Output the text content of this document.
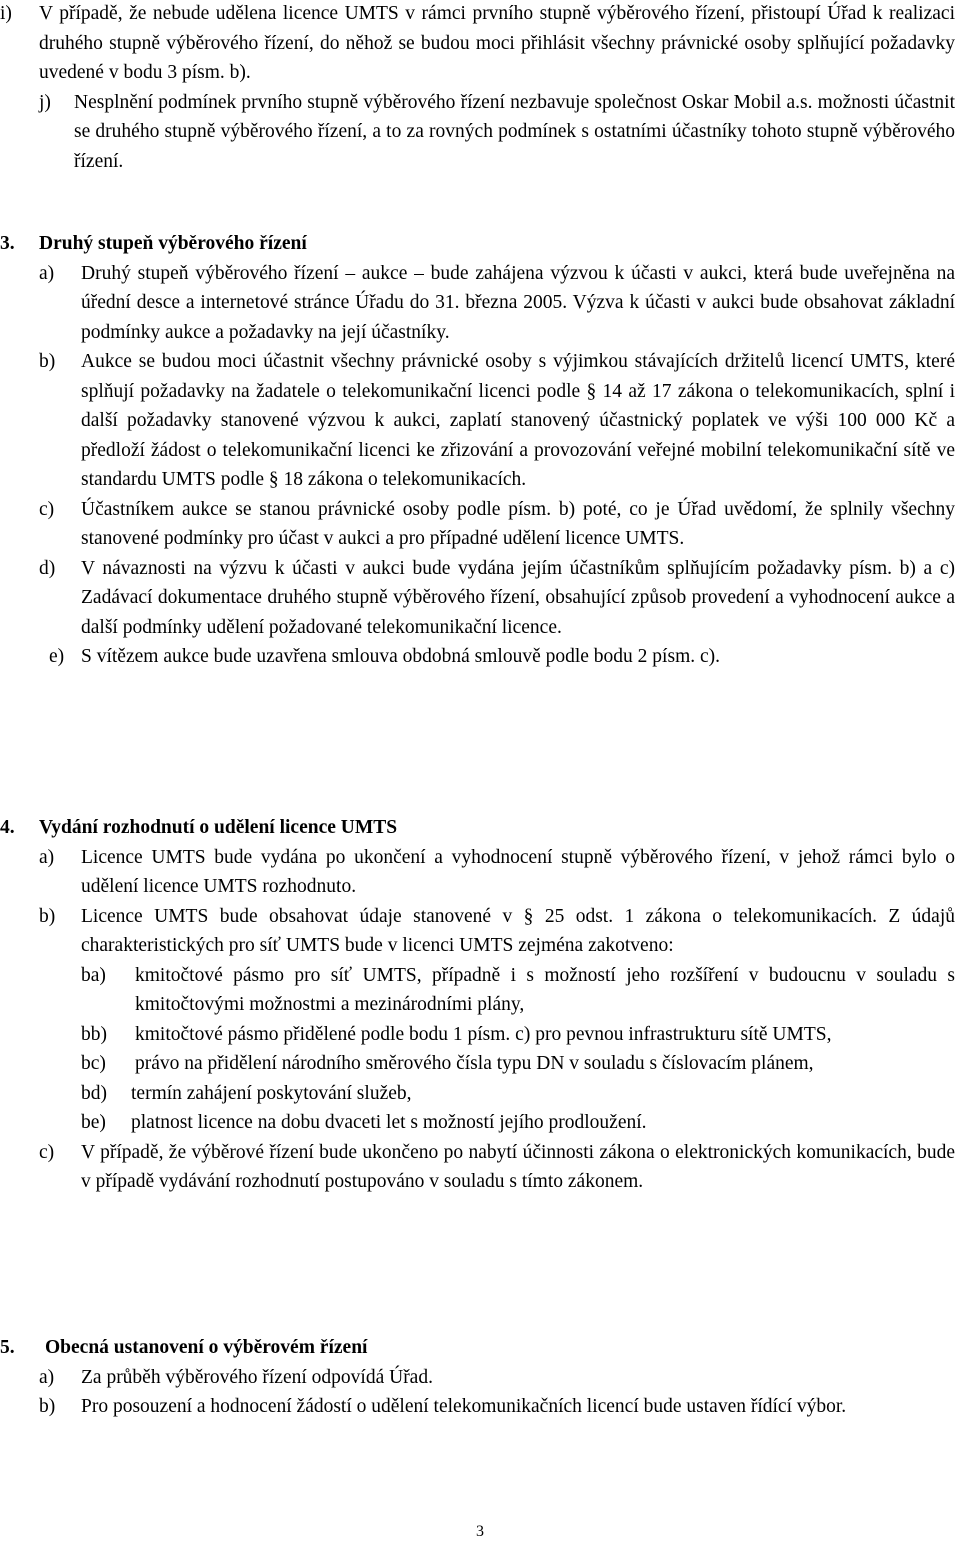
i)	V případě, že nebude udělena licence UMTS v rámci prvního stupně výběrového řízení, přistoupí Úřad k realizaci druhého stupně výběrového řízení, do něhož se budou moci přihlásit všechny právnické osoby splňující požadavky uvedené v bodu 3 písm. b).
j)	Nesplnění podmínek prvního stupně výběrového řízení nezbavuje společnost Oskar Mobil a.s. možnosti účastnit se druhého stupně výběrového řízení, a to za rovných podmínek s ostatními účastníky tohoto stupně výběrového řízení.
3.	Druhý stupeň výběrového řízení
a)	Druhý stupeň výběrového řízení – aukce – bude zahájena výzvou k účasti v aukci, která bude uveřejněna na úřední desce a internetové stránce Úřadu do 31. března 2005. Výzva k účasti v aukci bude obsahovat základní podmínky aukce a požadavky na její účastníky.
b)	Aukce se budou moci účastnit všechny právnické osoby s výjimkou stávajících držitelů licencí UMTS, které splňují požadavky na žadatele o telekomunikační licenci podle § 14 až 17 zákona o telekomunikacích, splní i další požadavky stanovené výzvou k aukci, zaplatí stanovený účastnický poplatek ve výši 100 000 Kč a předloží žádost o telekomunikační licenci ke zřizování a provozování veřejné mobilní telekomunikační sítě ve standardu UMTS podle § 18 zákona o telekomunikacích.
c)	Účastníkem aukce se stanou právnické osoby podle písm. b) poté, co je Úřad uvědomí, že splnily všechny stanovené podmínky pro účast v aukci a pro případné udělení licence UMTS.
d)	V návaznosti na výzvu k účasti v aukci bude vydána jejím účastníkům splňujícím požadavky písm. b) a c) Zadávací dokumentace druhého stupně výběrového řízení, obsahující způsob provedení a vyhodnocení aukce a další podmínky udělení požadované telekomunikační licence.
e) S vítězem aukce bude uzavřena smlouva obdobná smlouvě podle bodu 2 písm. c).
4.	Vydání rozhodnutí o udělení licence UMTS
a)	Licence UMTS bude vydána po ukončení a vyhodnocení stupně výběrového řízení, v jehož rámci bylo o udělení licence UMTS rozhodnuto.
b)	Licence UMTS bude obsahovat údaje stanovené v § 25 odst. 1 zákona o telekomunikacích. Z údajů charakteristických pro síť UMTS bude v licenci UMTS zejména zakotveno:
ba)	kmitočtové pásmo pro síť UMTS, případně i s možností jeho rozšíření v budoucnu v souladu s kmitočtovými možnostmi a mezinárodními plány,
bb)	kmitočtové pásmo přidělené podle bodu 1 písm. c) pro pevnou infrastrukturu sítě UMTS,
bc)	právo na přidělení národního směrového čísla typu DN v souladu s číslovacím plánem,
bd)	termín zahájení poskytování služeb,
be)	platnost licence na dobu dvaceti let s možností jejího prodloužení.
c)	V případě, že výběrové řízení bude ukončeno po nabytí účinnosti zákona o elektronických komunikacích, bude v případě vydávání rozhodnutí postupováno v souladu s tímto zákonem.
5.	Obecná ustanovení o výběrovém řízení
a)	Za průběh výběrového řízení odpovídá Úřad.
b)	Pro posouzení a hodnocení žádostí o udělení telekomunikačních licencí bude ustaven řídící výbor.
3
